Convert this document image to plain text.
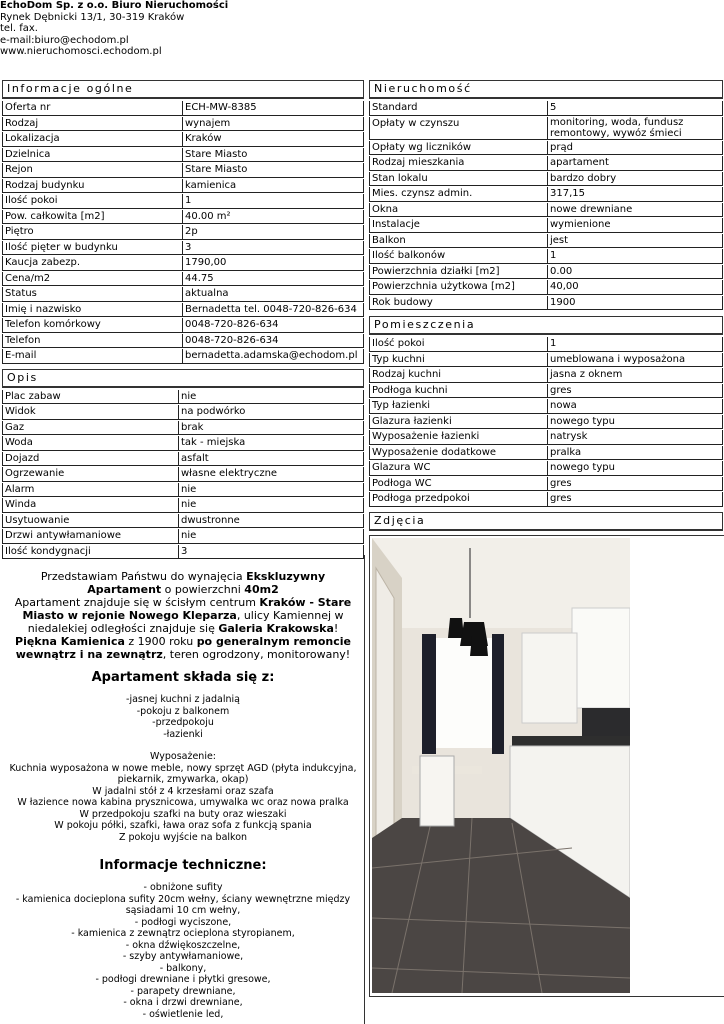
EchoDom Sp. z o.o. Biuro Nieruchomości
Rynek Dębnicki 13/1, 30-319 Kraków
tel. fax.
e-mail:biuro@echodom.pl
www.nieruchomosci.echodom.pl
Informacje ogólne
Oferta nr	ECH-MW-8385

Rodzaj	wynajem

Lokalizacja	Kraków

Dzielnica	Stare Miasto

Rejon	Stare Miasto

Rodzaj budynku	kamienica

Ilość pokoi	1

Pow. całkowita [m2]	40.00 m²

Piętro	2p

Ilość pięter w budynku	3

Kaucja zabezp.	1790,00

Cena/m2	44.75

Status	aktualna

Imię i nazwisko	Bernadetta tel. 0048-720-826-634

Telefon komórkowy	0048-720-826-634

Telefon	0048-720-826-634

E-mail	bernadetta.adamska@echodom.pl

Opis
Plac zabaw	nie

Widok	na podwórko

Gaz	brak

Woda	tak - miejska

Dojazd	asfalt

Ogrzewanie	własne elektryczne

Alarm	nie

Winda	nie

Usytuowanie	dwustronne

Drzwi antywłamaniowe	nie

Ilość kondygnacji	3

Przedstawiam Państwu do wynajęcia Ekskluzywny Apartament o powierzchni 40m2

Apartament znajduje się w ścisłym centrum Kraków - Stare Miasto w rejonie Nowego Kleparza, ulicy Kamiennej w niedalekiej odległości znajduje się Galeria Krakowska!

Piękna Kamienica z 1900 roku po generalnym remoncie wewnątrz i na zewnątrz, teren ogrodzony, monitorowany!

Apartament składa się z:
-jasnej kuchni z jadalnią
-pokoju z balkonem
-przedpokoju
-łazienki
Wyposażenie:
Kuchnia wyposażona w nowe meble, nowy sprzęt AGD (płyta indukcyjna, piekarnik, zmywarka, okap)
W jadalni stół z 4 krzesłami oraz szafa
W łazience nowa kabina prysznicowa, umywalka wc oraz nowa pralka
W przedpokoju szafki na buty oraz wieszaki
W pokoju półki, szafki, ława oraz sofa z funkcją spania
Z pokoju wyjście na balkon
Informacje techniczne:
- obniżone sufity
- kamienica docieplona sufity 20cm wełny, ściany wewnętrzne między sąsiadami 10 cm wełny,
- podłogi wyciszone,
- kamienica z zewnątrz ocieplona styropianem,
- okna dźwiękoszczelne,
- szyby antywłamaniowe,
- balkony,
- podłogi drewniane i płytki gresowe,
- parapety drewniane,
- okna i drzwi drewniane,
- oświetlenie led,
Nieruchomość
Standard	5

Opłaty w czynszu	monitoring, woda, fundusz remontowy, wywóz śmieci

Opłaty wg liczników	prąd

Rodzaj mieszkania	apartament

Stan lokalu	bardzo dobry

Mies. czynsz admin.	317,15

Okna	nowe drewniane

Instalacje	wymienione

Balkon	jest

Ilość balkonów	1

Powierzchnia działki [m2]	0.00

Powierzchnia użytkowa [m2]	40,00

Rok budowy	1900

Pomieszczenia
Ilość pokoi	1

Typ kuchni	umeblowana i wyposażona

Rodzaj kuchni	jasna z oknem

Podłoga kuchni	gres

Typ łazienki	nowa

Glazura łazienki	nowego typu

Wyposażenie łazienki	natrysk

Wyposażenie dodatkowe	pralka

Glazura WC	nowego typu

Podłoga WC	gres

Podłoga przedpokoi	gres

Zdjęcia
